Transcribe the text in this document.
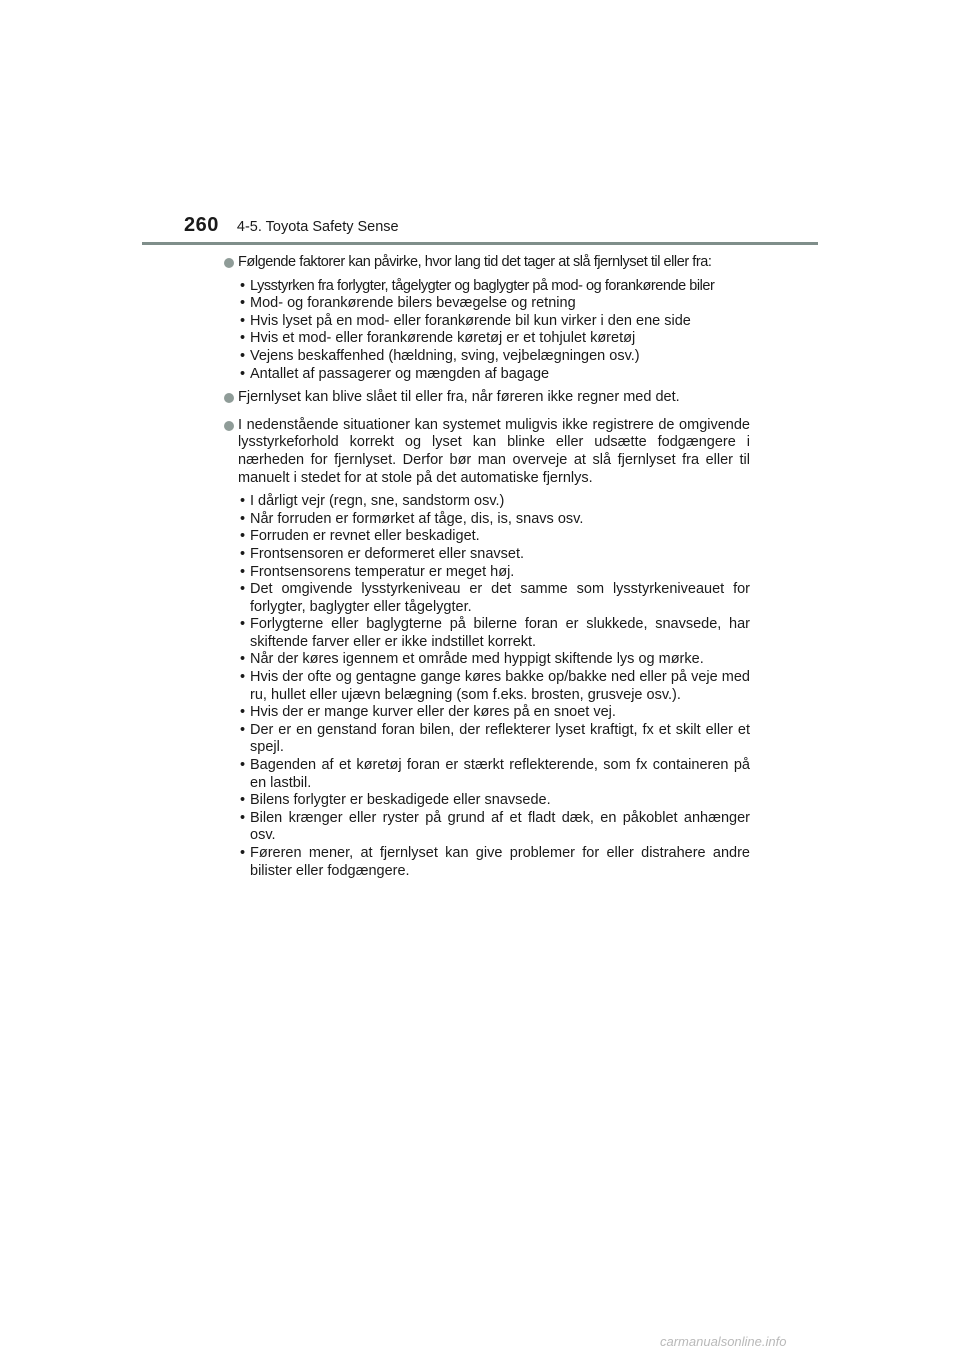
260 4-5. Toyota Safety Sense
Følgende faktorer kan påvirke, hvor lang tid det tager at slå fjernlyset til eller fra:
• Lysstyrken fra forlygter, tågelygter og baglygter på mod- og forankørende biler
• Mod- og forankørende bilers bevægelse og retning
• Hvis lyset på en mod- eller forankørende bil kun virker i den ene side
• Hvis et mod- eller forankørende køretøj er et tohjulet køretøj
• Vejens beskaffenhed (hældning, sving, vejbelægningen osv.)
• Antallet af passagerer og mængden af bagage
Fjernlyset kan blive slået til eller fra, når føreren ikke regner med det.
I nedenstående situationer kan systemet muligvis ikke registrere de omgivende lysstyrkeforhold korrekt og lyset kan blinke eller udsætte fodgængere i nærheden for fjernlyset. Derfor bør man overveje at slå fjernlyset fra eller til manuelt i stedet for at stole på det automatiske fjernlys.
• I dårligt vejr (regn, sne, sandstorm osv.)
• Når forruden er formørket af tåge, dis, is, snavs osv.
• Forruden er revnet eller beskadiget.
• Frontsensoren er deformeret eller snavset.
• Frontsensorens temperatur er meget høj.
• Det omgivende lysstyrkeniveau er det samme som lysstyrkeniveauet for forlygter, baglygter eller tågelygter.
• Forlygterne eller baglygterne på bilerne foran er slukkede, snavsede, har skiftende farver eller er ikke indstillet korrekt.
• Når der køres igennem et område med hyppigt skiftende lys og mørke.
• Hvis der ofte og gentagne gange køres bakke op/bakke ned eller på veje med ru, hullet eller ujævn belægning (som f.eks. brosten, grusveje osv.).
• Hvis der er mange kurver eller der køres på en snoet vej.
• Der er en genstand foran bilen, der reflekterer lyset kraftigt, fx et skilt eller et spejl.
• Bagenden af et køretøj foran er stærkt reflekterende, som fx containeren på en lastbil.
• Bilens forlygter er beskadigede eller snavsede.
• Bilen krænger eller ryster på grund af et fladt dæk, en påkoblet anhænger osv.
• Føreren mener, at fjernlyset kan give problemer for eller distrahere andre bilister eller fodgængere.
carmanualsonline.info
